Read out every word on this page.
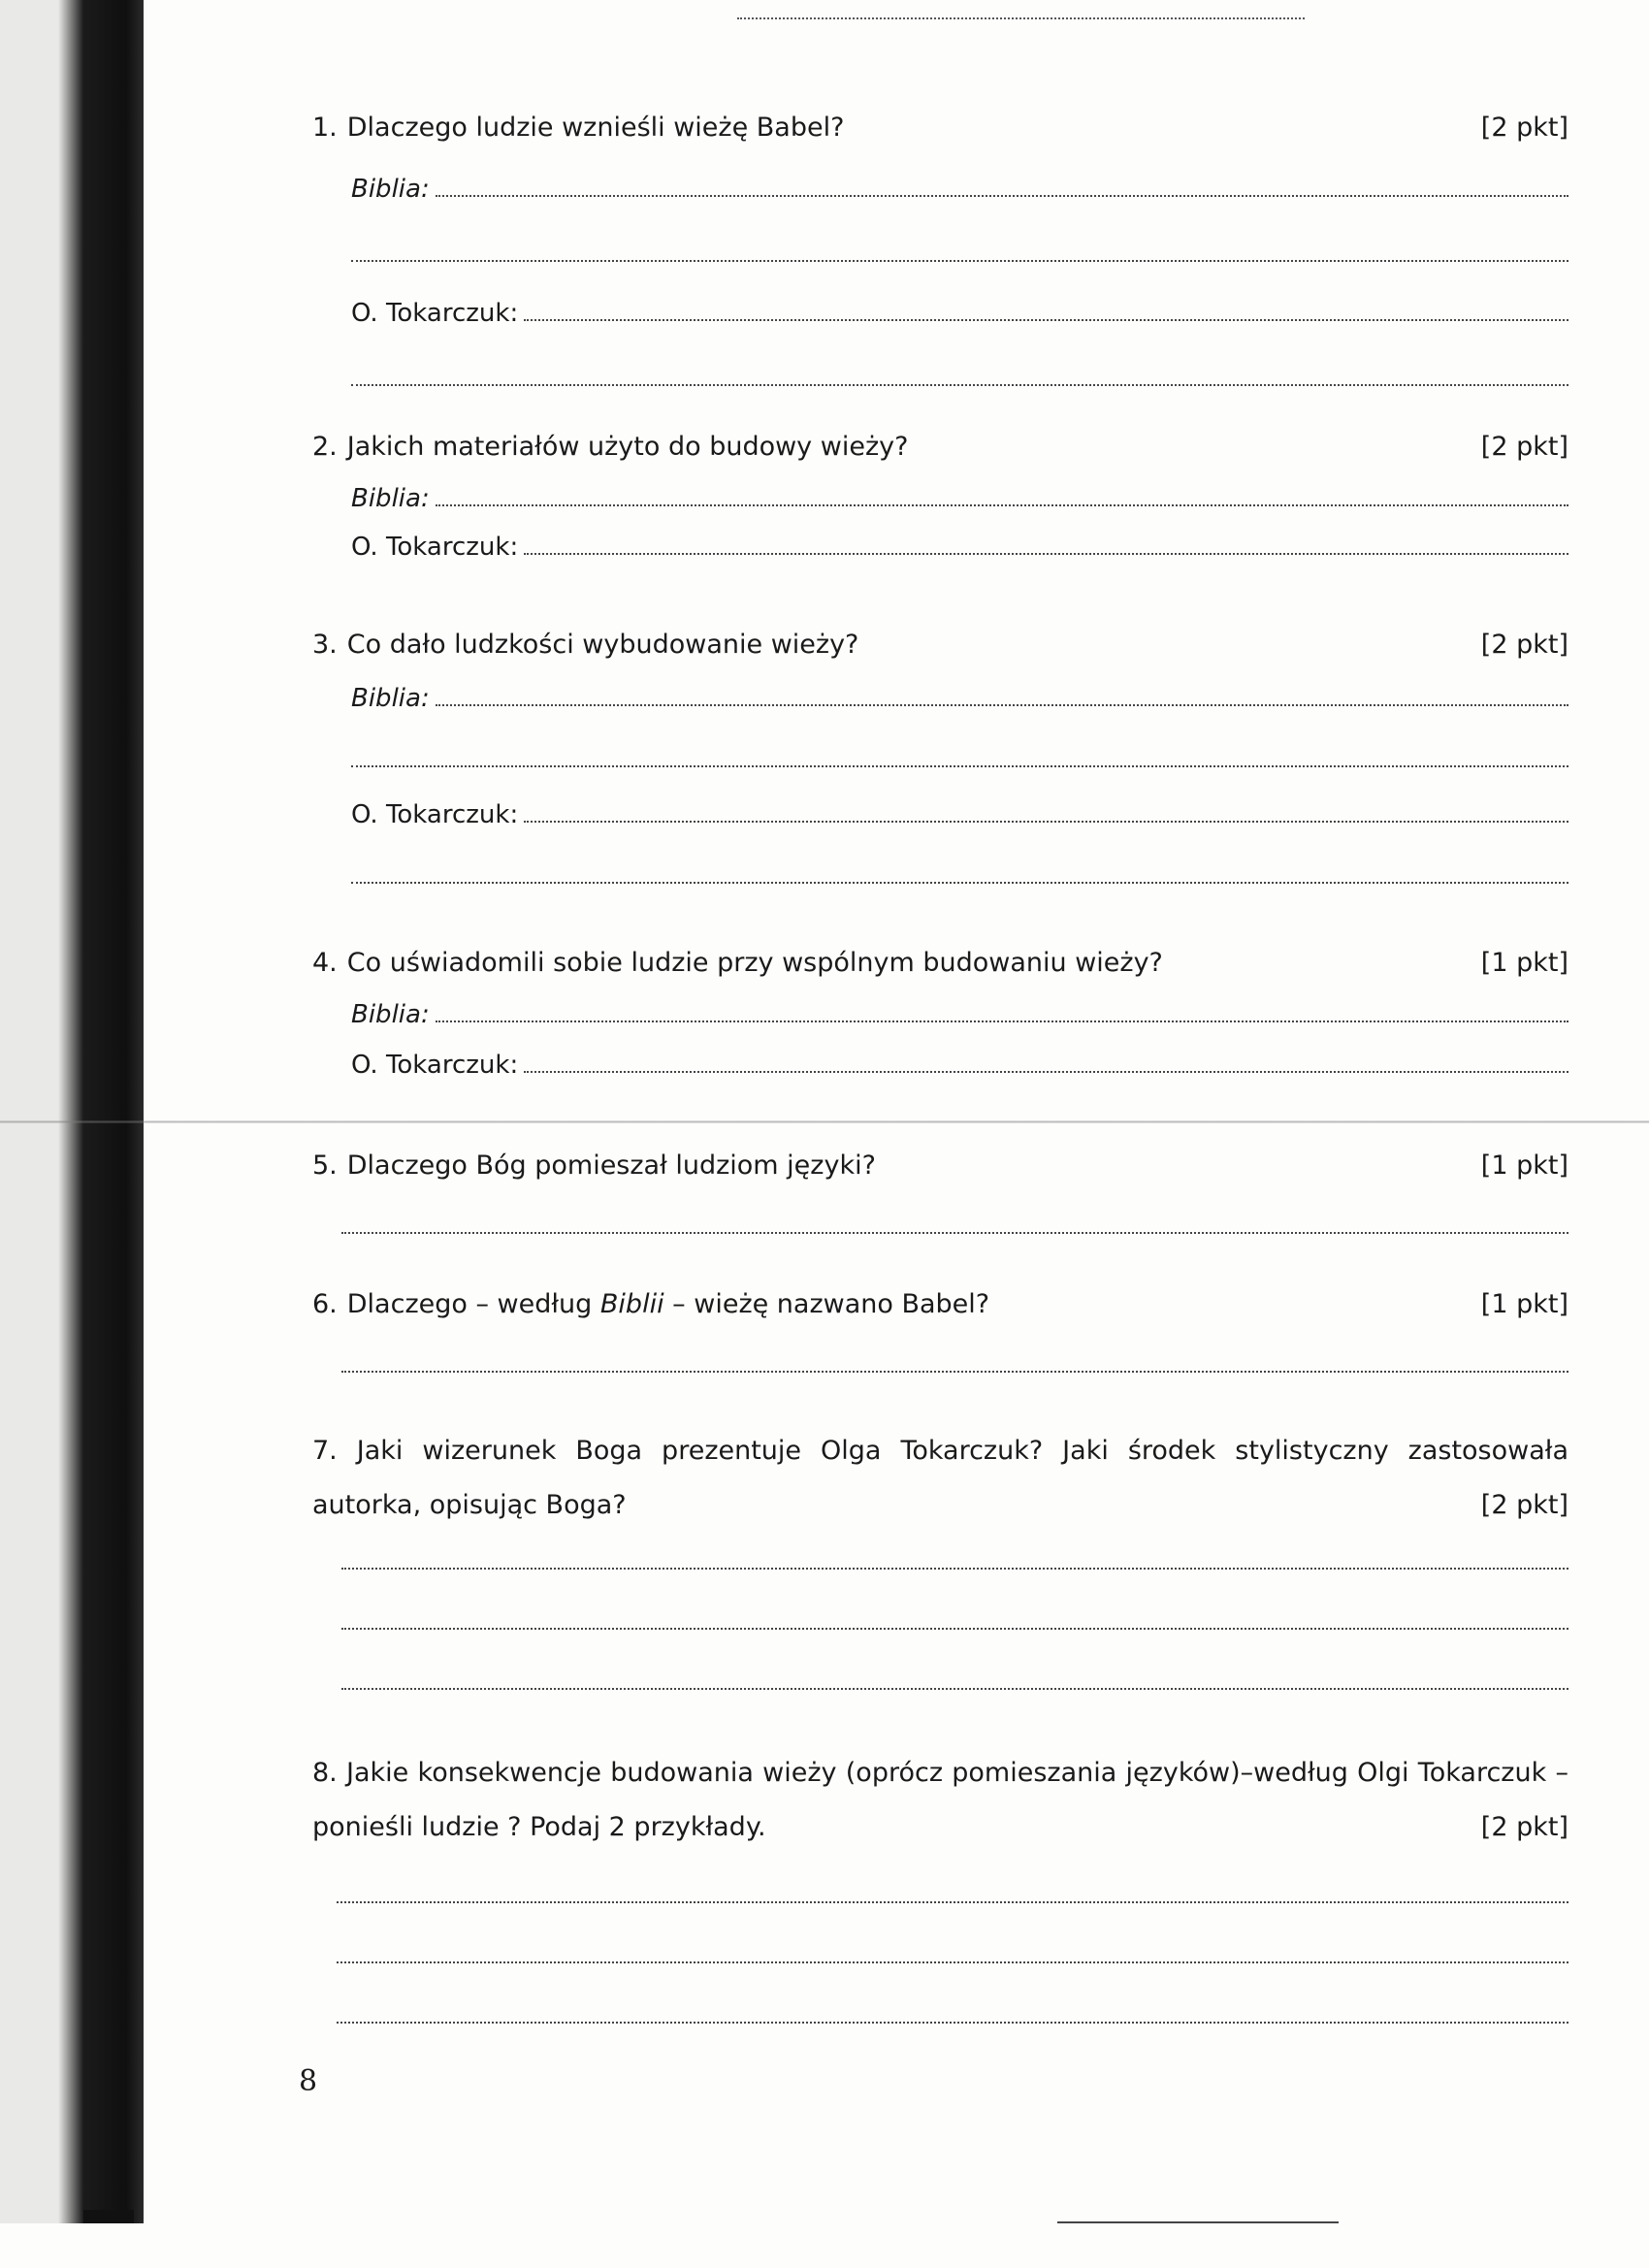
1. Dlaczego ludzie wznieśli wieżę Babel?	[2 pkt]
Biblia:
O. Tokarczuk:
2. Jakich materiałów użyto do budowy wieży?	[2 pkt]
Biblia:
O. Tokarczuk:
3. Co dało ludzkości wybudowanie wieży?	[2 pkt]
Biblia:
O. Tokarczuk:
4. Co uświadomili sobie ludzie przy wspólnym budowaniu wieży?	[1 pkt]
Biblia:
O. Tokarczuk:
5. Dlaczego Bóg pomieszał ludziom języki?	[1 pkt]
6. Dlaczego – według Biblii – wieżę nazwano Babel?	[1 pkt]
7. Jaki wizerunek Boga prezentuje Olga Tokarczuk? Jaki środek stylistyczny zastosowała autorka, opisując Boga?	[2 pkt]
8. Jakie konsekwencje budowania wieży (oprócz pomieszania języków)–według Olgi Tokarczuk – ponieśli ludzie ? Podaj 2 przykłady.	[2 pkt]
8
